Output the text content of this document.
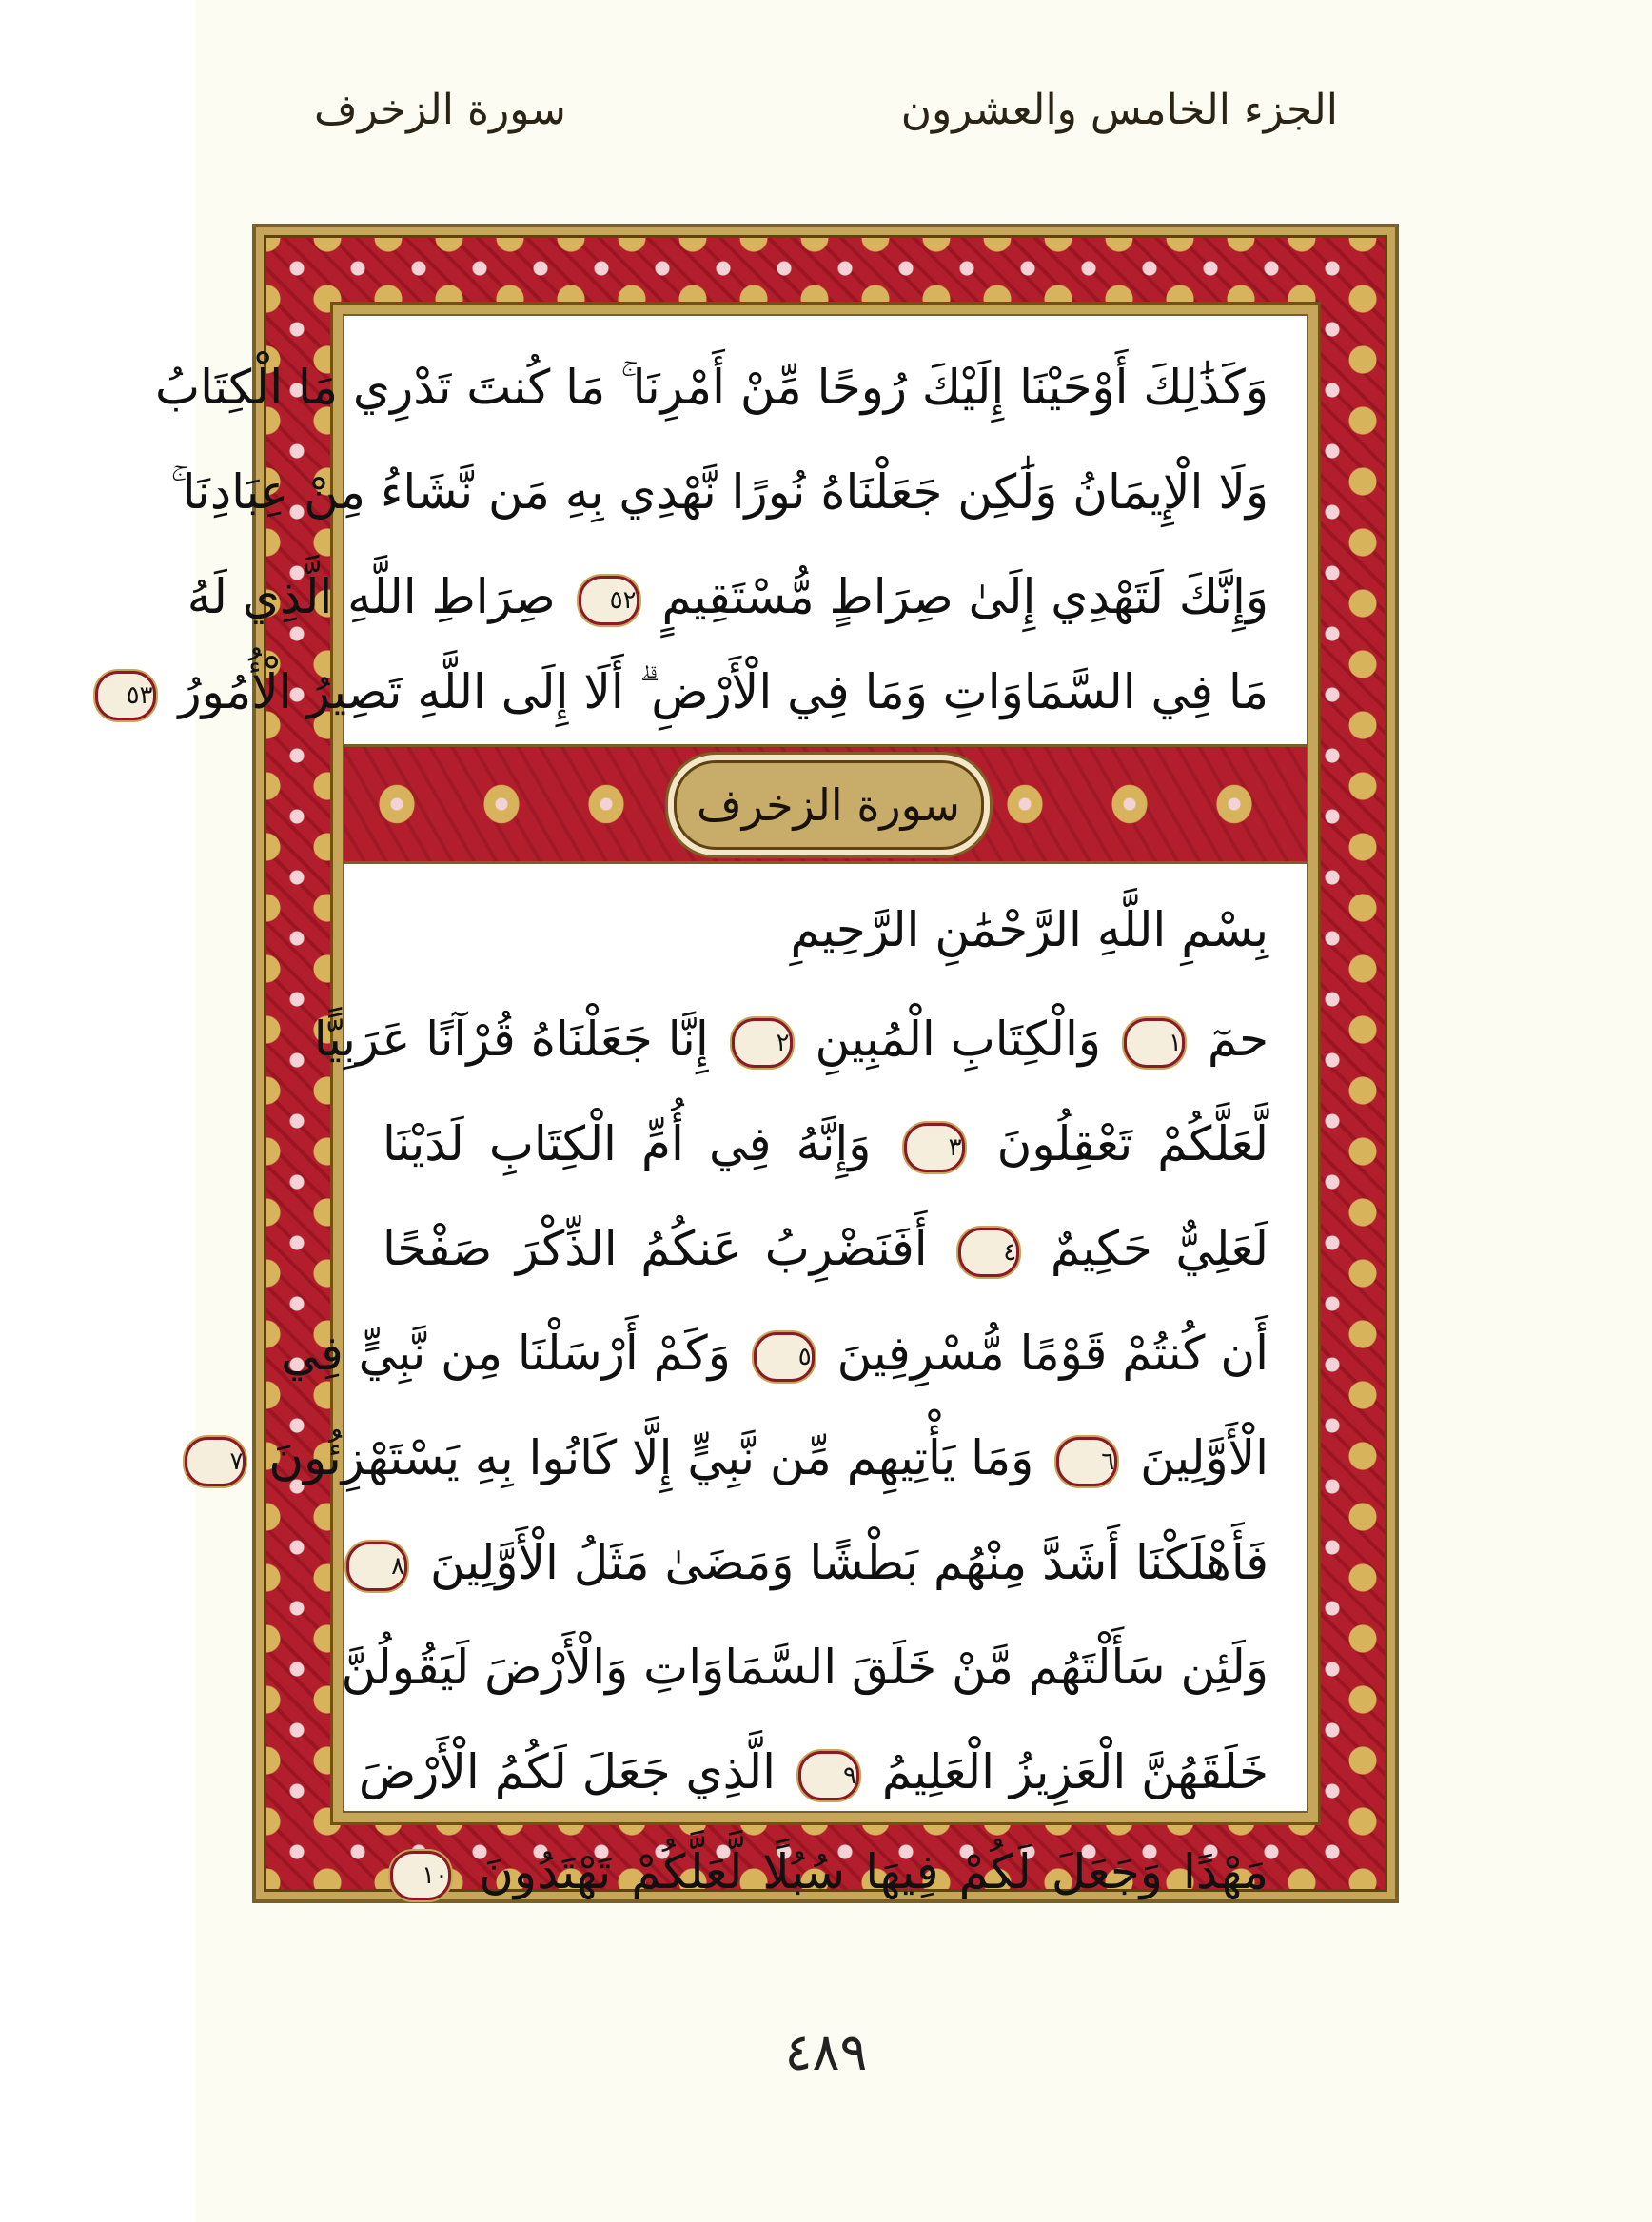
الجزء الخامس والعشرون
سورة الزخرف
وَكَذَٰلِكَ أَوْحَيْنَا إِلَيْكَ رُوحًا مِّنْ أَمْرِنَا ۚ مَا كُنتَ تَدْرِي مَا الْكِتَابُ
وَلَا الْإِيمَانُ وَلَٰكِن جَعَلْنَاهُ نُورًا نَّهْدِي بِهِ مَن نَّشَاءُ مِنْ عِبَادِنَا ۚ
وَإِنَّكَ لَتَهْدِي إِلَىٰ صِرَاطٍ مُّسْتَقِيمٍ ٥٢ صِرَاطِ اللَّهِ الَّذِي لَهُ
مَا فِي السَّمَاوَاتِ وَمَا فِي الْأَرْضِ ۗ أَلَا إِلَى اللَّهِ تَصِيرُ الْأُمُورُ ٥٣
سورة الزخرف
بِسْمِ اللَّهِ الرَّحْمَٰنِ الرَّحِيمِ
حمٓ ١ وَالْكِتَابِ الْمُبِينِ ٢ إِنَّا جَعَلْنَاهُ قُرْآنًا عَرَبِيًّا
لَّعَلَّكُمْ تَعْقِلُونَ ٣ وَإِنَّهُ فِي أُمِّ الْكِتَابِ لَدَيْنَا
لَعَلِيٌّ حَكِيمٌ ٤ أَفَنَضْرِبُ عَنكُمُ الذِّكْرَ صَفْحًا
أَن كُنتُمْ قَوْمًا مُّسْرِفِينَ ٥ وَكَمْ أَرْسَلْنَا مِن نَّبِيٍّ فِي
الْأَوَّلِينَ ٦ وَمَا يَأْتِيهِم مِّن نَّبِيٍّ إِلَّا كَانُوا بِهِ يَسْتَهْزِئُونَ ٧
فَأَهْلَكْنَا أَشَدَّ مِنْهُم بَطْشًا وَمَضَىٰ مَثَلُ الْأَوَّلِينَ ٨
وَلَئِن سَأَلْتَهُم مَّنْ خَلَقَ السَّمَاوَاتِ وَالْأَرْضَ لَيَقُولُنَّ
خَلَقَهُنَّ الْعَزِيزُ الْعَلِيمُ ٩ الَّذِي جَعَلَ لَكُمُ الْأَرْضَ
مَهْدًا وَجَعَلَ لَكُمْ فِيهَا سُبُلًا لَّعَلَّكُمْ تَهْتَدُونَ ١٠
٤٨٩
